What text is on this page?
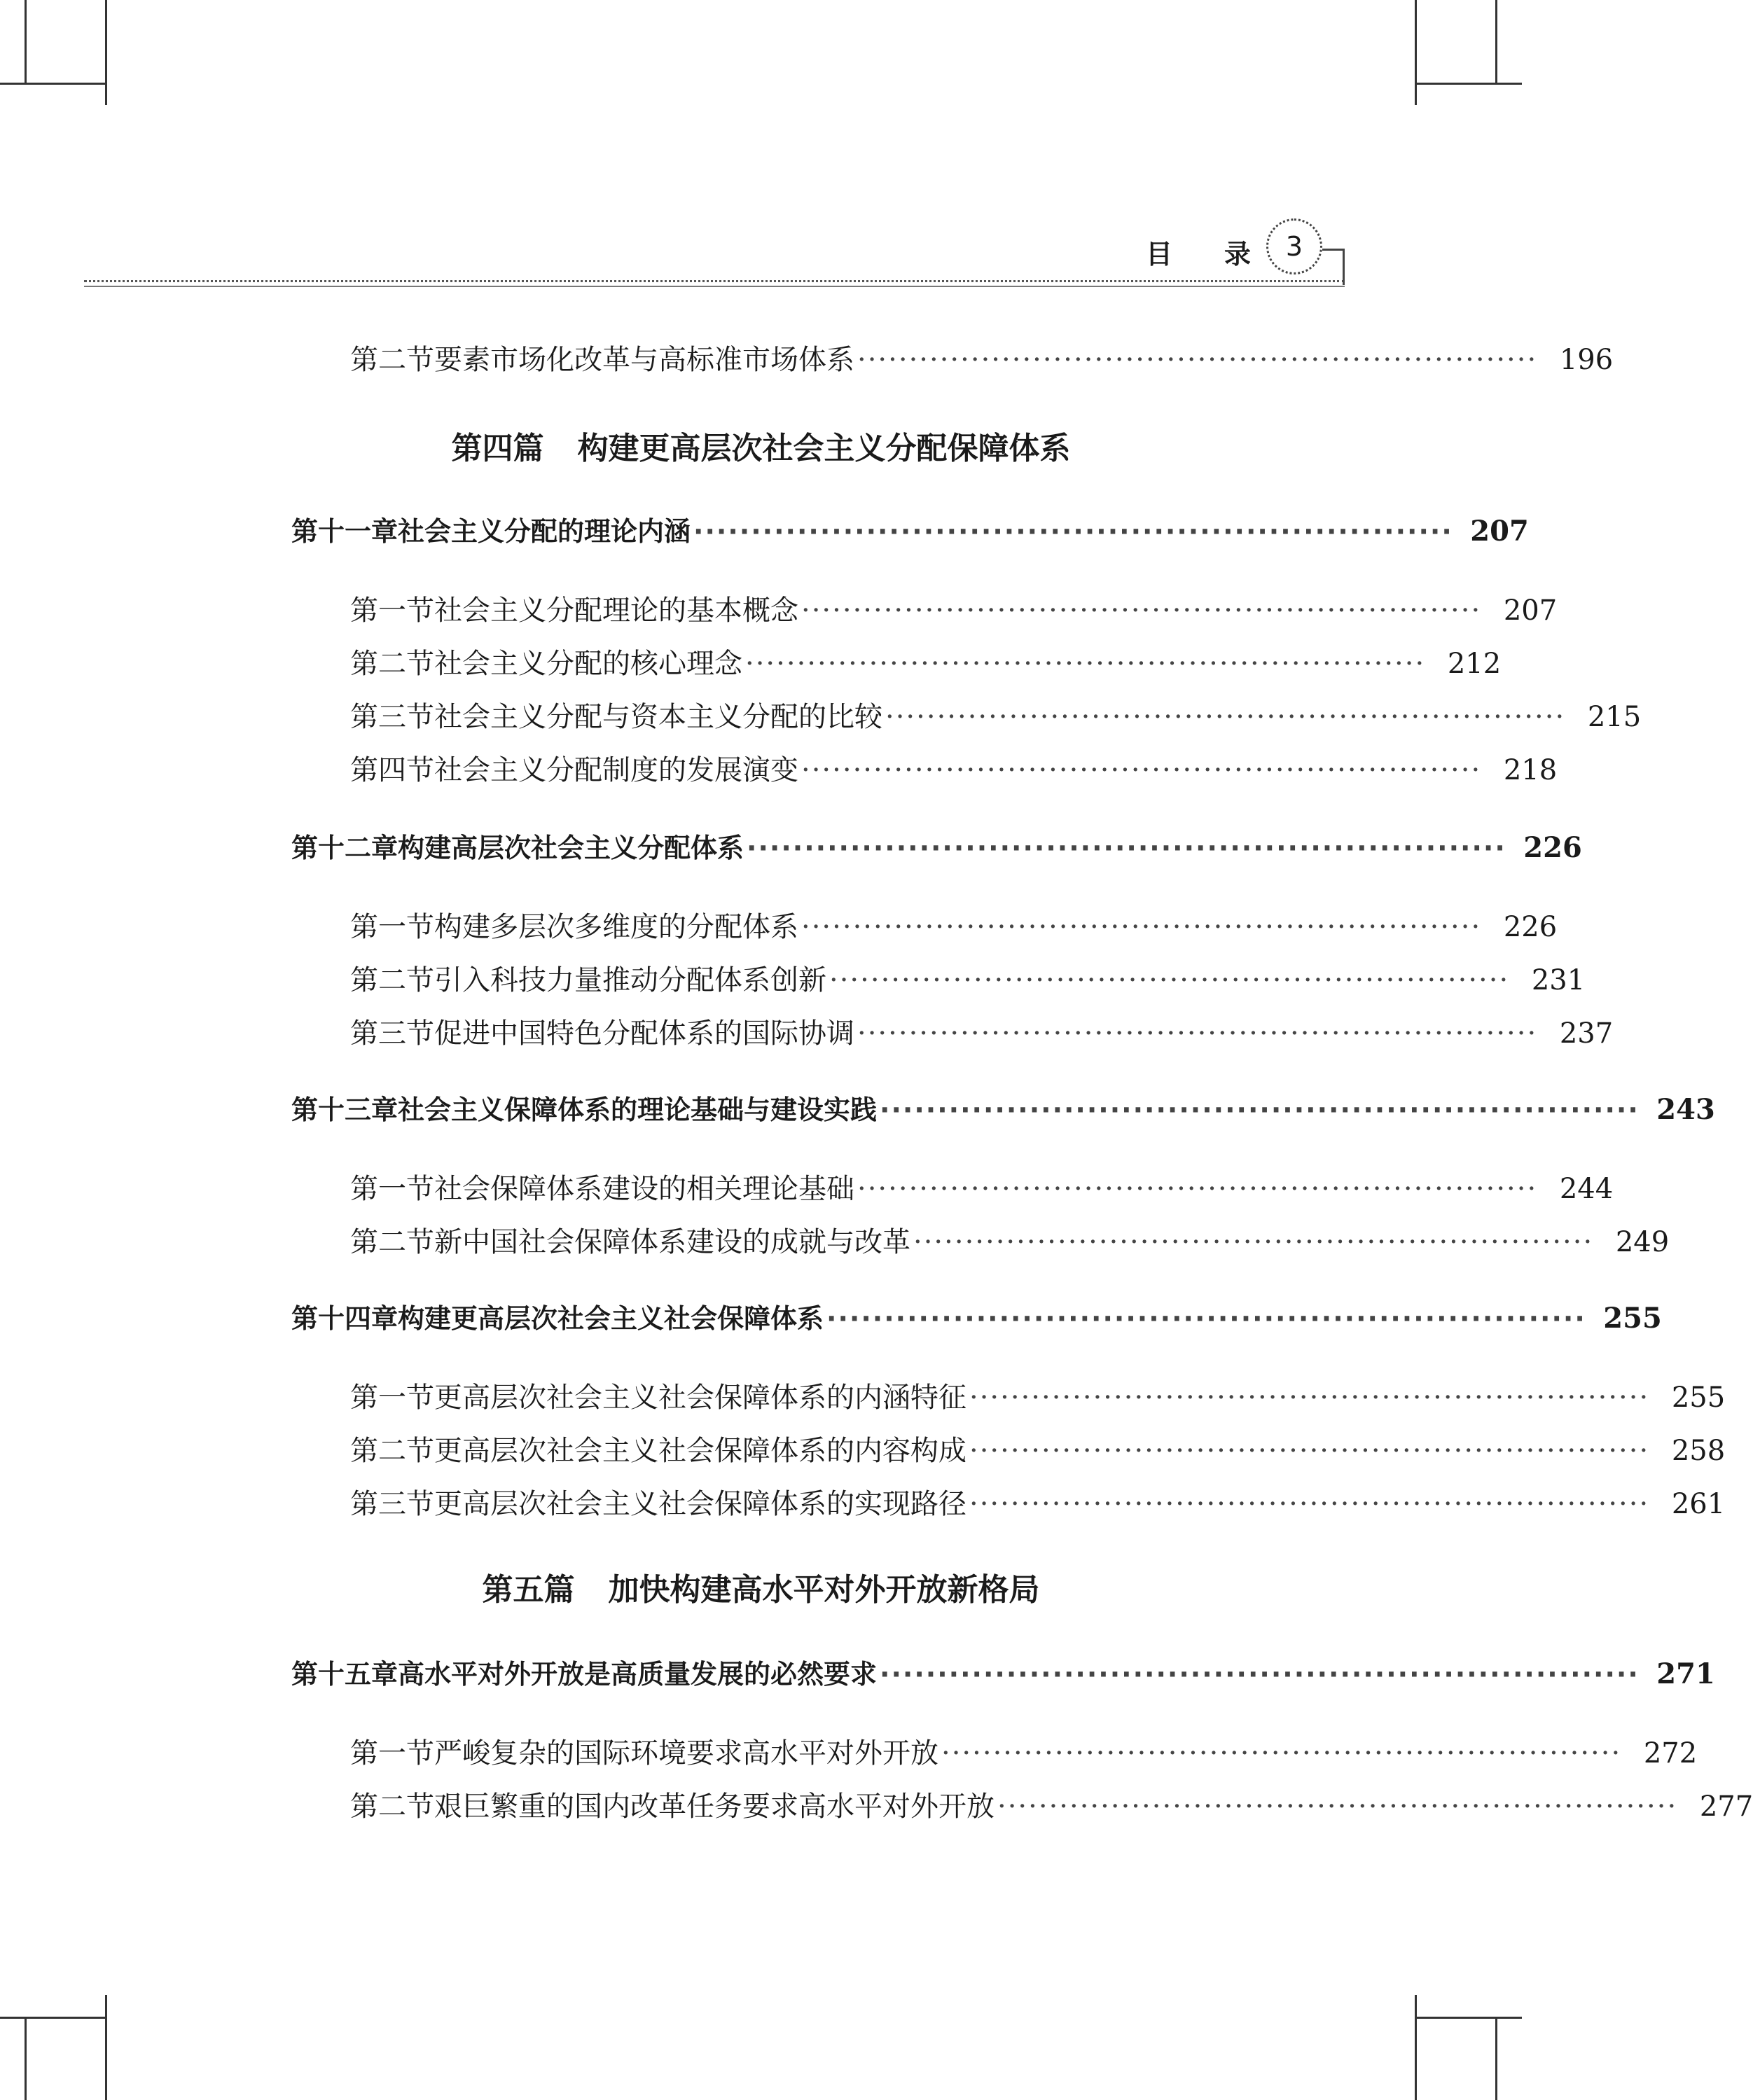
目 录 3
第二节 要素市场化改革与高标准市场体系 ·································································· 196
第四篇 构建更高层次社会主义分配保障体系
第十一章 社会主义分配的理论内涵 ·································································· 207
第一节 社会主义分配理论的基本概念 ·································································· 207
第二节 社会主义分配的核心理念 ·································································· 212
第三节 社会主义分配与资本主义分配的比较 ·································································· 215
第四节 社会主义分配制度的发展演变 ·································································· 218
第十二章 构建高层次社会主义分配体系 ·································································· 226
第一节 构建多层次多维度的分配体系 ·································································· 226
第二节 引入科技力量推动分配体系创新 ·································································· 231
第三节 促进中国特色分配体系的国际协调 ·································································· 237
第十三章 社会主义保障体系的理论基础与建设实践 ·································································· 243
第一节 社会保障体系建设的相关理论基础 ·································································· 244
第二节 新中国社会保障体系建设的成就与改革 ·································································· 249
第十四章 构建更高层次社会主义社会保障体系 ·································································· 255
第一节 更高层次社会主义社会保障体系的内涵特征 ·································································· 255
第二节 更高层次社会主义社会保障体系的内容构成 ·································································· 258
第三节 更高层次社会主义社会保障体系的实现路径 ·································································· 261
第五篇 加快构建高水平对外开放新格局
第十五章 高水平对外开放是高质量发展的必然要求 ·································································· 271
第一节 严峻复杂的国际环境要求高水平对外开放 ·································································· 272
第二节 艰巨繁重的国内改革任务要求高水平对外开放 ·································································· 277
